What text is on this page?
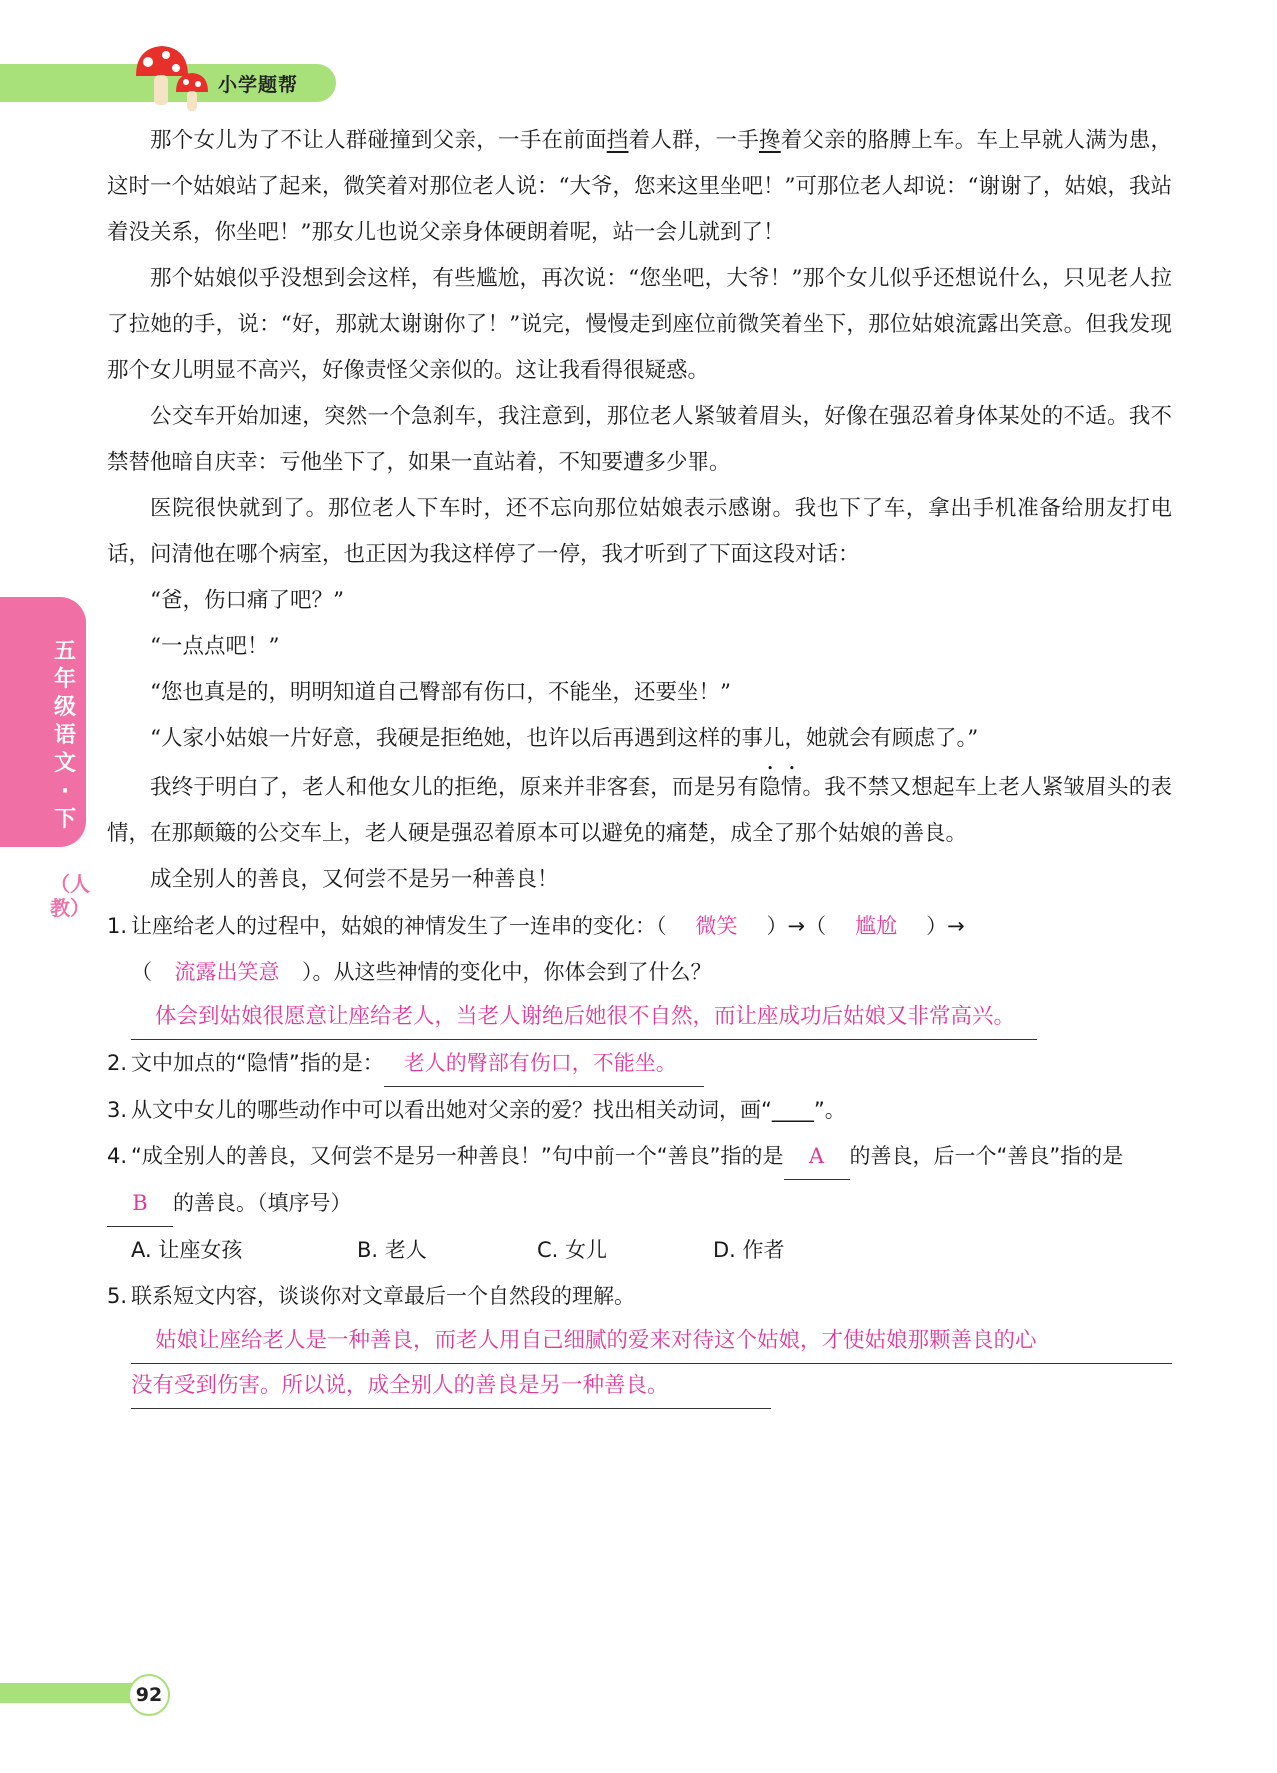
小学题帮
五年级语文·下
（人教）

那个女儿为了不让人群碰撞到父亲，一手在前面挡着人群，一手搀着父亲的胳膊上车。车上早就人满为患，这时一个姑娘站了起来，微笑着对那位老人说：“大爷，您来这里坐吧！”可那位老人却说：“谢谢了，姑娘，我站着没关系，你坐吧！”那女儿也说父亲身体硬朗着呢，站一会儿就到了！

那个姑娘似乎没想到会这样，有些尴尬，再次说：“您坐吧，大爷！”那个女儿似乎还想说什么，只见老人拉了拉她的手，说：“好，那就太谢谢你了！”说完，慢慢走到座位前微笑着坐下，那位姑娘流露出笑意。但我发现那个女儿明显不高兴，好像责怪父亲似的。这让我看得很疑惑。

公交车开始加速，突然一个急刹车，我注意到，那位老人紧皱着眉头，好像在强忍着身体某处的不适。我不禁替他暗自庆幸：亏他坐下了，如果一直站着，不知要遭多少罪。

医院很快就到了。那位老人下车时，还不忘向那位姑娘表示感谢。我也下了车，拿出手机准备给朋友打电话，问清他在哪个病室，也正因为我这样停了一停，我才听到了下面这段对话：

“爸，伤口痛了吧？”

“一点点吧！”

“您也真是的，明明知道自己臀部有伤口，不能坐，还要坐！”

“人家小姑娘一片好意，我硬是拒绝她，也许以后再遇到这样的事儿，她就会有顾虑了。”

我终于明白了，老人和他女儿的拒绝，原来并非客套，而是另有隐情。我不禁又想起车上老人紧皱眉头的表情，在那颠簸的公交车上，老人硬是强忍着原本可以避免的痛楚，成全了那个姑娘的善良。

成全别人的善良，又何尝不是另一种善良！

1. 让座给老人的过程中，姑娘的神情发生了一连串的变化：（ 微笑 ）→（ 尴尬 ）→

（ 流露出笑意 ）。从这些神情的变化中，你体会到了什么？

体会到姑娘很愿意让座给老人，当老人谢绝后她很不自然，而让座成功后姑娘又非常高兴。

2. 文中加点的“隐情”指的是： 老人的臀部有伤口，不能坐。

3. 从文中女儿的哪些动作中可以看出她对父亲的爱？找出相关动词，画“____”。

4. “成全别人的善良，又何尝不是另一种善良！”句中前一个“善良”指的是 A 的善良，后一个“善良”指的是B 的善良。（填序号）

A. 让座女孩	B. 老人	C. 女儿	D. 作者

5. 联系短文内容，谈谈你对文章最后一个自然段的理解。

姑娘让座给老人是一种善良，而老人用自己细腻的爱来对待这个姑娘，才使姑娘那颗善良的心
没有受到伤害。所以说，成全别人的善良是另一种善良。
92
